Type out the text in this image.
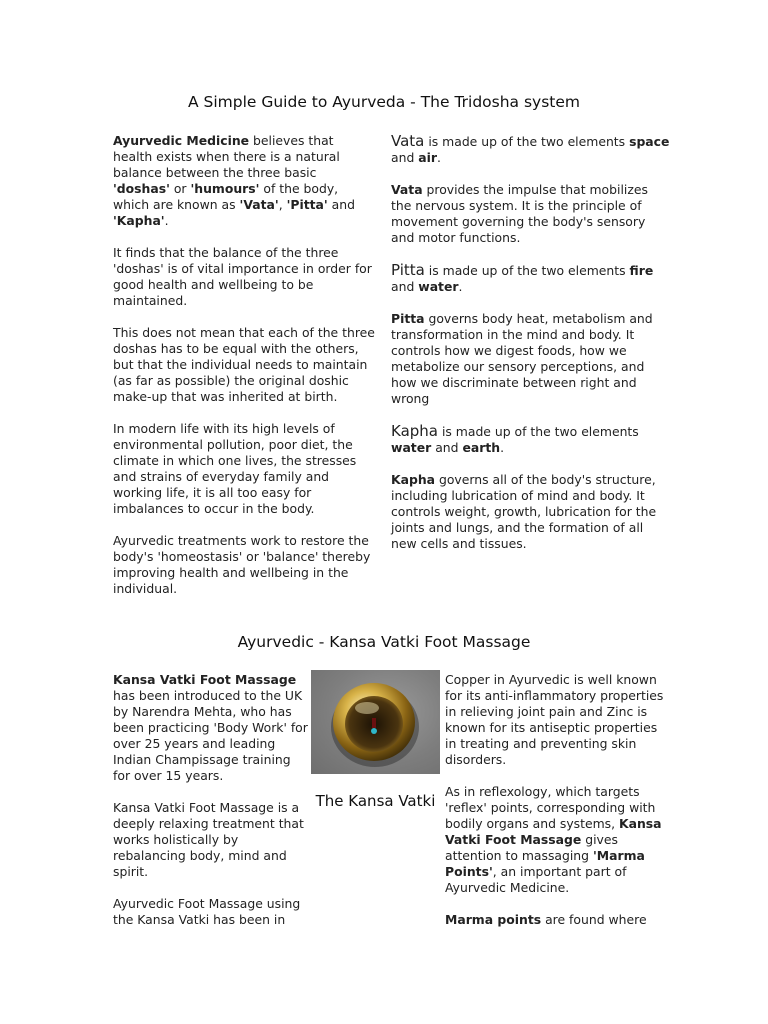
A Simple Guide to Ayurveda - The Tridosha system

Ayurvedic Medicine believes that health exists when there is a natural balance between the three basic 'doshas' or 'humours' of the body, which are known as 'Vata', 'Pitta' and 'Kapha'.

It finds that the balance of the three 'doshas' is of vital importance in order for good health and wellbeing to be maintained.

This does not mean that each of the three doshas has to be equal with the others, but that the individual needs to maintain (as far as possible) the original doshic make-up that was inherited at birth.

In modern life with its high levels of environmental pollution, poor diet, the climate in which one lives, the stresses and strains of everyday family and working life, it is all too easy for imbalances to occur in the body.

Ayurvedic treatments work to restore the body's 'homeostasis' or 'balance' thereby improving health and wellbeing in the individual.

Vata is made up of the two elements space and air.

Vata provides the impulse that mobilizes the nervous system. It is the principle of movement governing the body's sensory and motor functions.

Pitta is made up of the two elements fire and water.

Pitta governs body heat, metabolism and transformation in the mind and body. It controls how we digest foods, how we metabolize our sensory perceptions, and how we discriminate between right and wrong

Kapha is made up of the two elements water and earth.

Kapha governs all of the body's structure, including lubrication of mind and body. It controls weight, growth, lubrication for the joints and lungs, and the formation of all new cells and tissues.

Ayurvedic - Kansa Vatki Foot Massage

Kansa Vatki Foot Massage has been introduced to the UK by Narendra Mehta, who has been practicing 'Body Work' for over 25 years and leading Indian Champissage training for over 15 years.

Kansa Vatki Foot Massage is a deeply relaxing treatment that works holistically by rebalancing body, mind and spirit.

Ayurvedic Foot Massage using the Kansa Vatki has been in

The Kansa Vatki

Copper in Ayurvedic is well known for its anti-inflammatory properties in relieving joint pain and Zinc is known for its antiseptic properties in treating and preventing skin disorders.

As in reflexology, which targets 'reflex' points, corresponding with bodily organs and systems, Kansa Vatki Foot Massage gives attention to massaging 'Marma Points', an important part of Ayurvedic Medicine.

Marma points are found where
